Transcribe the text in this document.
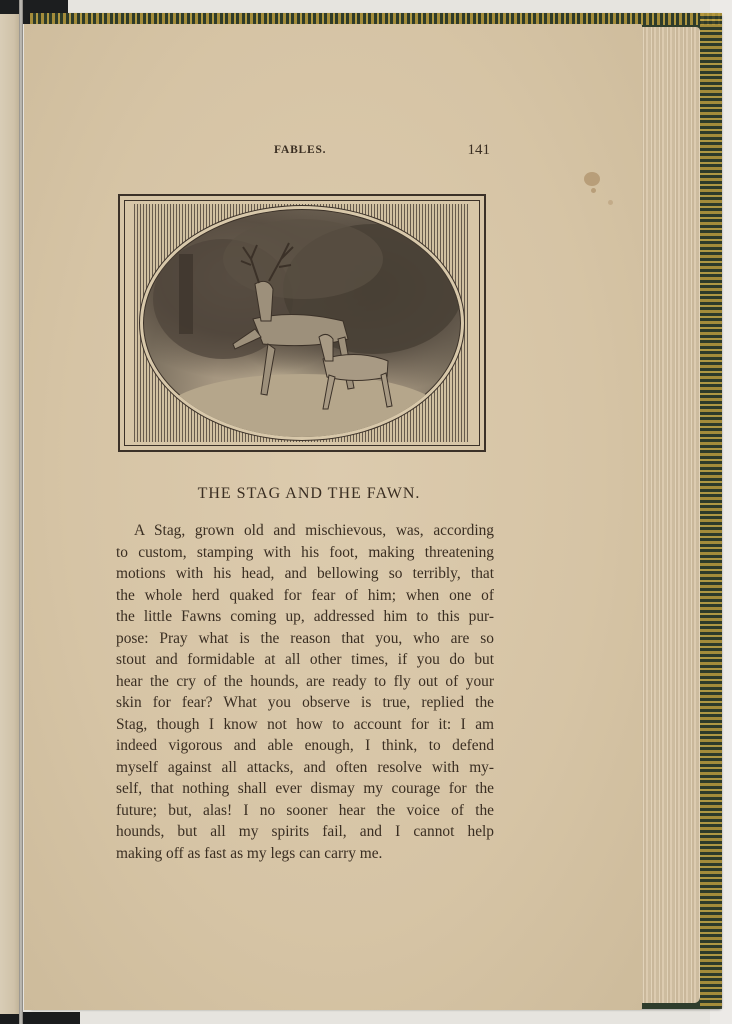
FABLES.	141
THE STAG AND THE FAWN.
A Stag, grown old and mischievous, was, according
to custom, stamping with his foot, making threatening
motions with his head, and bellowing so terribly, that
the whole herd quaked for fear of him; when one of
the little Fawns coming up, addressed him to this pur-
pose: Pray what is the reason that you, who are so
stout and formidable at all other times, if you do but
hear the cry of the hounds, are ready to fly out of your
skin for fear? What you observe is true, replied the
Stag, though I know not how to account for it: I am
indeed vigorous and able enough, I think, to defend
myself against all attacks, and often resolve with my-
self, that nothing shall ever dismay my courage for the
future; but, alas! I no sooner hear the voice of the
hounds, but all my spirits fail, and I cannot help
making off as fast as my legs can carry me.
